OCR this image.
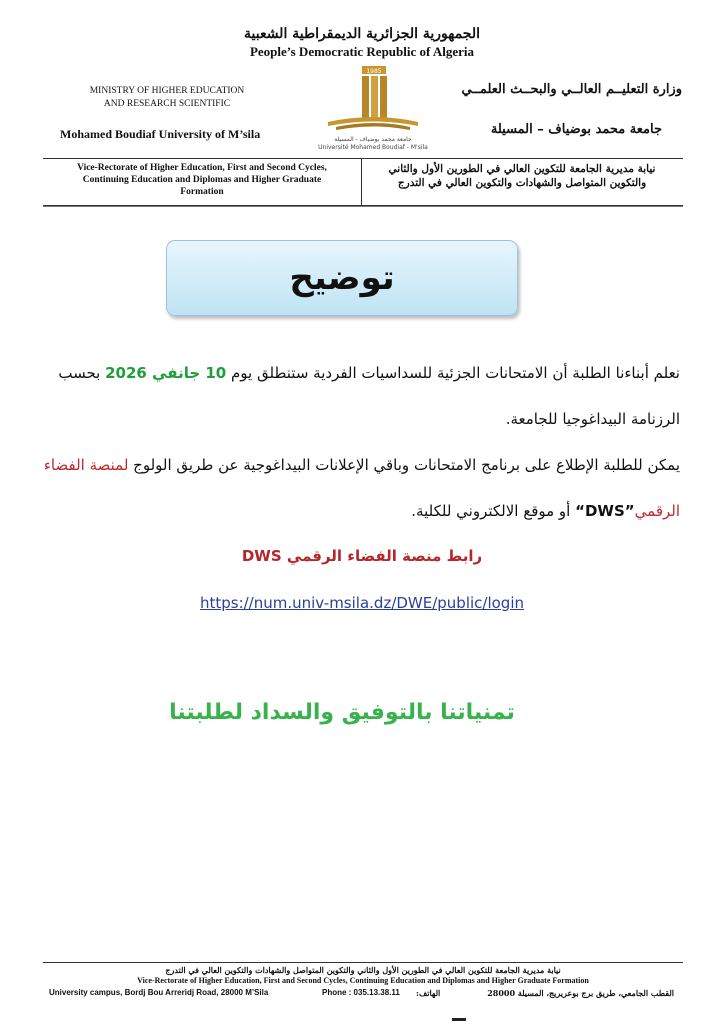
الجمهورية الجزائرية الديمقراطية الشعبية
People’s Democratic Republic of Algeria
MINISTRY OF HIGHER EDUCATION
AND RESEARCH SCIENTIFIC
Mohamed Boudiaf University of M’sila
وزارة التعليــم العالــي والبحــث العلمــي
جامعة محمد بوضياف – المسيلة
1985
جامعة محمد بوضياف - المسيلة
Université Mohamed Boudiaf - M'sila
Vice-Rectorate of Higher Education, First and Second Cycles,
Continuing Education and Diplomas and Higher Graduate
Formation
نيابة مديرية الجامعة للتكوين العالي في الطورين الأول والثاني
والتكوين المتواصل والشهادات والتكوين العالي في التدرج
توضيح
نعلم أبناءنا الطلبة أن الامتحانات الجزئية للسداسيات الفردية ستنطلق يوم 10 جانفي 2026 بحسب
الرزنامة البيداغوجيا للجامعة.
يمكن للطلبة الإطلاع على برنامج الامتحانات وباقي الإعلانات البيداغوجية عن طريق الولوج لمنصة الفضاء
الرقمي”DWS“ أو موقع الالكتروني للكلية.
رابط منصة الفضاء الرقمي DWS
https://num.univ-msila.dz/DWE/public/login
تمنياتنا بالتوفيق والسداد لطلبتنا
نيابة مديرية الجامعة للتكوين العالي في الطورين الأول والثاني والتكوين المتواصل والشهادات والتكوين العالي في التدرج
Vice-Rectorate of Higher Education, First and Second Cycles, Continuing Education and Diplomas and Higher Graduate Formation
University campus, Bordj Bou Arreridj Road, 28000 M’Sila	Phone : 035.13.38.11 الهاتف:	القطب الجامعي، طريق برج بوعريريج، المسيلة 28000
